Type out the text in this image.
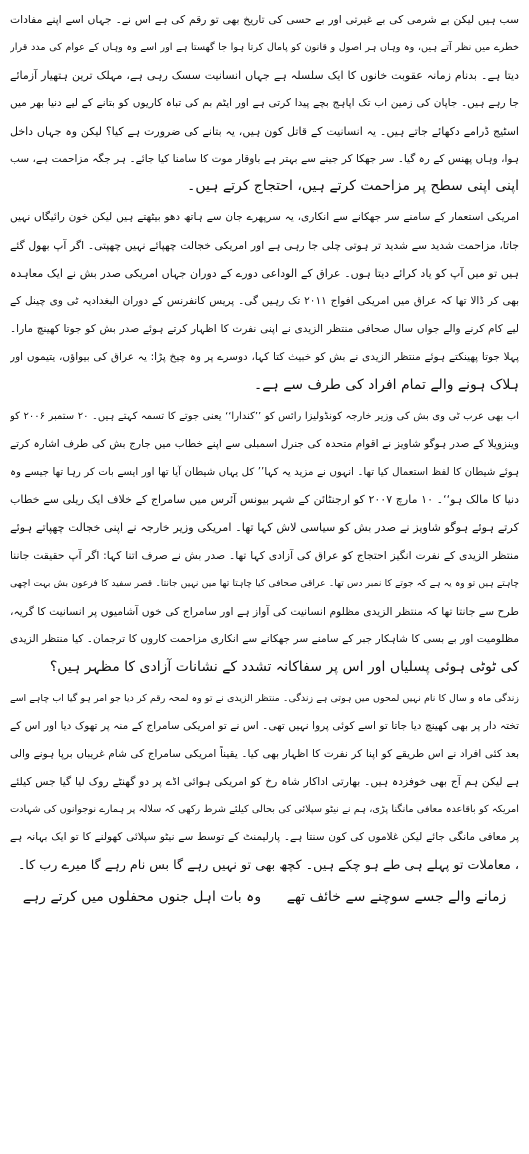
سب ہیں لیکن بے شرمی کی بے غیرتی اور بے حسی کی تاریخ بھی تو رقم کی ہے اس نے۔ جہاں اسے اپنے مفادات
خطرے میں نظر آتے ہیں، وہ وہاں ہر اصول و قانون کو پامال کرتا ہوا جا گھستا ہے اور اسے وہ وہاں کے عوام کی مدد قرار
دیتا ہے۔ بدنام زمانہ عقوبت خانوں کا ایک سلسلہ ہے جہاں انسانیت سسک رہی ہے، مہلک ترین ہتھیار آزمائے
جا رہے ہیں۔ جاپان کی زمین اب تک اپاہج بچے پیدا کرتی ہے اور ایٹم بم کی تباہ کاریوں کو بتانے کے لیے دنیا بھر میں
اسٹیج ڈرامے دکھائے جاتے ہیں۔ یہ انسانیت کے قاتل کون ہیں، یہ بتانے کی ضرورت ہے کیا؟ لیکن وہ جہاں داخل
ہوا، وہاں پھنس کے رہ گیا۔ سر جھکا کر جینے سے بہتر ہے باوقار موت کا سامنا کیا جائے۔ ہر جگہ مزاحمت ہے، سب
اپنی اپنی سطح پر مزاحمت کرتے ہیں، احتجاج کرتے ہیں۔
امریکی استعمار کے سامنے سر جھکانے سے انکاری، یہ سرپھرے جان سے ہاتھ دھو بیٹھتے ہیں لیکن خون رائیگاں نہیں
جاتا، مزاحمت شدید سے شدید تر ہوتی چلی جا رہی ہے اور امریکی خجالت چھپائے نہیں چھپتی۔ اگر آپ بھول گئے
ہیں تو میں آپ کو یاد کرائے دیتا ہوں۔ عراق کے الوداعی دورے کے دوران جہاں امریکی صدر بش نے ایک معاہدہ
بھی کر ڈالا تھا کہ عراق میں امریکی افواج ۲۰۱۱ تک رہیں گی۔ پریس کانفرنس کے دوران البغدادیہ ٹی وی چینل کے
لیے کام کرنے والے جواں سال صحافی منتظر الزیدی نے اپنی نفرت کا اظہار کرتے ہوئے صدر بش کو جوتا کھینچ مارا۔
پہلا جوتا پھینکتے ہوئے منتظر الزیدی نے بش کو خبیث کتا کہا، دوسرے پر وہ چیخ پڑا: یہ عراق کی بیواؤں، یتیموں اور
ہلاک ہونے والے تمام افراد کی طرف سے ہے۔
اب بھی عرب ٹی وی بش کی وزیر خارجہ کونڈولیزا رائس کو ’’کندارا‘‘ یعنی جوتے کا تسمہ کہتے ہیں۔ ۲۰ ستمبر ۲۰۰۶ کو
وینزویلا کے صدر ہوگو شاویز نے اقوام متحدہ کی جنرل اسمبلی سے اپنے خطاب میں جارج بش کی طرف اشارہ کرتے
ہوئے شیطان کا لفظ استعمال کیا تھا۔ انہوں نے مزید یہ کہا’’ کل یہاں شیطان آیا تھا اور ایسے بات کر رہا تھا جیسے وہ
دنیا کا مالک ہو‘‘۔ ۱۰ مارچ ۲۰۰۷ کو ارجنٹائن کے شہر بیونس آئرس میں سامراج کے خلاف ایک ریلی سے خطاب
کرتے ہوئے ہوگو شاویز نے صدر بش کو سیاسی لاش کہا تھا۔ امریکی وزیر خارجہ نے اپنی خجالت چھپاتے ہوئے
منتظر الزیدی کے نفرت انگیز احتجاج کو عراق کی آزادی کہا تھا۔ صدر بش نے صرف اتنا کہا: اگر آپ حقیقت جاننا
چاہتے ہیں تو وہ یہ ہے کہ جوتے کا نمبر دس تھا۔ عراقی صحافی کیا چاہتا تھا میں نہیں جانتا۔ قصر سفید کا فرعون بش بہت اچھی
طرح سے جانتا تھا کہ منتظر الزیدی مظلوم انسانیت کی آواز ہے اور سامراج کی خوں آشامیوں پر انسانیت کا گریہ،
مظلومیت اور بے بسی کا شاہکار جبر کے سامنے سر جھکانے سے انکاری مزاحمت کاروں کا ترجمان۔ کیا منتظر الزیدی
کی ٹوٹی ہوئی پسلیاں اور اس پر سفاکانہ تشدد کے نشانات آزادی کا مظہر ہیں؟
زندگی ماہ و سال کا نام نہیں لمحوں میں ہوتی ہے زندگی۔ منتظر الزیدی نے تو وہ لمحہ رقم کر دیا جو امر ہو گیا اب چاہے اسے
تختہ دار پر بھی کھینچ دیا جاتا تو اسے کوئی پروا نہیں تھی۔ اس نے تو امریکی سامراج کے منہ پر تھوک دیا اور اس کے
بعد کئی افراد نے اس طریقے کو اپنا کر نفرت کا اظہار بھی کیا۔ یقیناً امریکی سامراج کی شام غریباں برپا ہونے والی
ہے لیکن ہم آج بھی خوفزدہ ہیں۔ بھارتی اداکار شاہ رخ کو امریکی ہوائی اڈے پر دو گھنٹے روک لیا گیا جس کیلئے
امریکہ کو باقاعدہ معافی مانگنا پڑی، ہم نے نیٹو سپلائی کی بحالی کیلئے شرط رکھی کہ سلالہ پر ہمارے نوجوانوں کی شہادت
پر معافی مانگی جائے لیکن غلاموں کی کون سنتا ہے۔ پارلیمنٹ کے توسط سے نیٹو سپلائی کھولنے کا تو ایک بہانہ ہے
، معاملات تو پہلے ہی طے ہو چکے ہیں۔ کچھ بھی تو نہیں رہے گا بس نام رہے گا میرے رب کا۔
زمانے والے جسے سوچنے سے خائف تھے
وہ بات اہل جنوں محفلوں میں کرتے رہے
